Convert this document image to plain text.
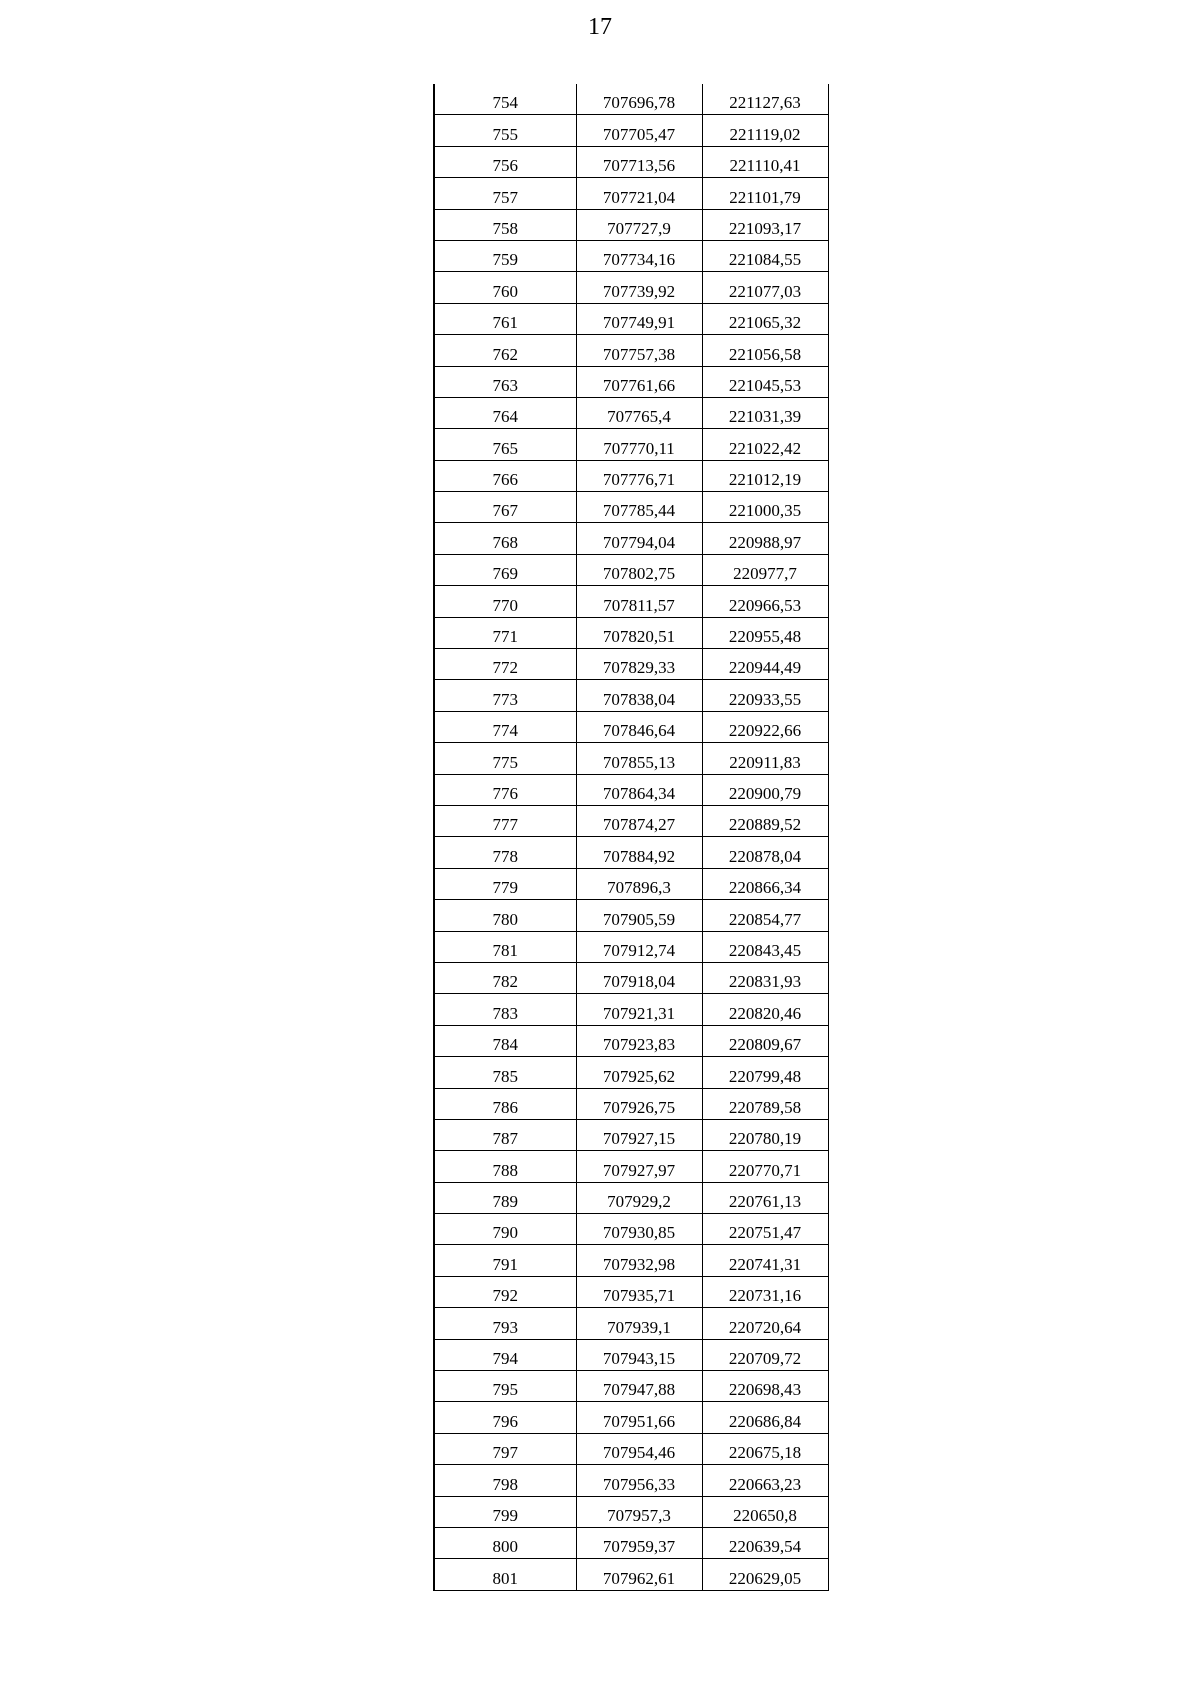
17
754	707696,78	221127,63
755	707705,47	221119,02
756	707713,56	221110,41
757	707721,04	221101,79
758	707727,9	221093,17
759	707734,16	221084,55
760	707739,92	221077,03
761	707749,91	221065,32
762	707757,38	221056,58
763	707761,66	221045,53
764	707765,4	221031,39
765	707770,11	221022,42
766	707776,71	221012,19
767	707785,44	221000,35
768	707794,04	220988,97
769	707802,75	220977,7
770	707811,57	220966,53
771	707820,51	220955,48
772	707829,33	220944,49
773	707838,04	220933,55
774	707846,64	220922,66
775	707855,13	220911,83
776	707864,34	220900,79
777	707874,27	220889,52
778	707884,92	220878,04
779	707896,3	220866,34
780	707905,59	220854,77
781	707912,74	220843,45
782	707918,04	220831,93
783	707921,31	220820,46
784	707923,83	220809,67
785	707925,62	220799,48
786	707926,75	220789,58
787	707927,15	220780,19
788	707927,97	220770,71
789	707929,2	220761,13
790	707930,85	220751,47
791	707932,98	220741,31
792	707935,71	220731,16
793	707939,1	220720,64
794	707943,15	220709,72
795	707947,88	220698,43
796	707951,66	220686,84
797	707954,46	220675,18
798	707956,33	220663,23
799	707957,3	220650,8
800	707959,37	220639,54
801	707962,61	220629,05
